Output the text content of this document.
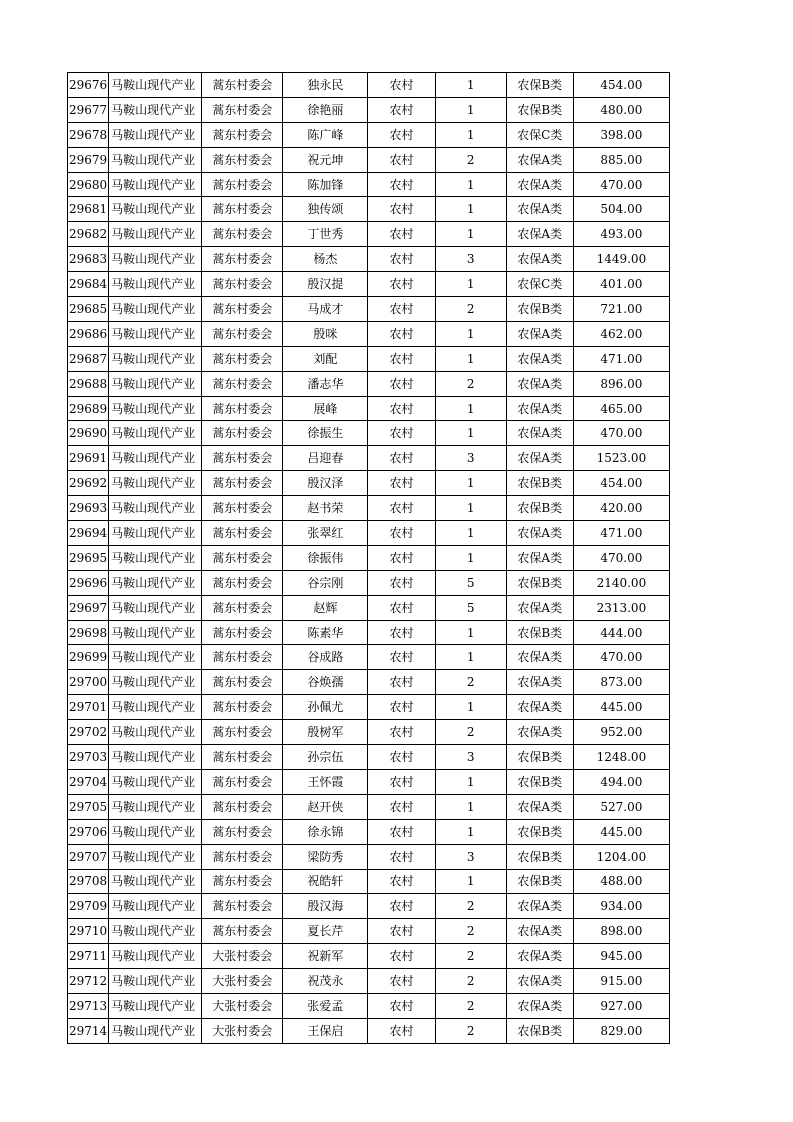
29676	马鞍山现代产业	蒿东村委会	独永民	农村	1	农保B类	454.00
29677	马鞍山现代产业	蒿东村委会	徐艳丽	农村	1	农保B类	480.00
29678	马鞍山现代产业	蒿东村委会	陈广峰	农村	1	农保C类	398.00
29679	马鞍山现代产业	蒿东村委会	祝元坤	农村	2	农保A类	885.00
29680	马鞍山现代产业	蒿东村委会	陈加锋	农村	1	农保A类	470.00
29681	马鞍山现代产业	蒿东村委会	独传颂	农村	1	农保A类	504.00
29682	马鞍山现代产业	蒿东村委会	丁世秀	农村	1	农保A类	493.00
29683	马鞍山现代产业	蒿东村委会	杨杰	农村	3	农保A类	1449.00
29684	马鞍山现代产业	蒿东村委会	殷汉提	农村	1	农保C类	401.00
29685	马鞍山现代产业	蒿东村委会	马成才	农村	2	农保B类	721.00
29686	马鞍山现代产业	蒿东村委会	殷咪	农村	1	农保A类	462.00
29687	马鞍山现代产业	蒿东村委会	刘配	农村	1	农保A类	471.00
29688	马鞍山现代产业	蒿东村委会	潘志华	农村	2	农保A类	896.00
29689	马鞍山现代产业	蒿东村委会	展峰	农村	1	农保A类	465.00
29690	马鞍山现代产业	蒿东村委会	徐振生	农村	1	农保A类	470.00
29691	马鞍山现代产业	蒿东村委会	吕迎春	农村	3	农保A类	1523.00
29692	马鞍山现代产业	蒿东村委会	殷汉泽	农村	1	农保B类	454.00
29693	马鞍山现代产业	蒿东村委会	赵书荣	农村	1	农保B类	420.00
29694	马鞍山现代产业	蒿东村委会	张翠红	农村	1	农保A类	471.00
29695	马鞍山现代产业	蒿东村委会	徐振伟	农村	1	农保A类	470.00
29696	马鞍山现代产业	蒿东村委会	谷宗刚	农村	5	农保B类	2140.00
29697	马鞍山现代产业	蒿东村委会	赵辉	农村	5	农保A类	2313.00
29698	马鞍山现代产业	蒿东村委会	陈素华	农村	1	农保B类	444.00
29699	马鞍山现代产业	蒿东村委会	谷成路	农村	1	农保A类	470.00
29700	马鞍山现代产业	蒿东村委会	谷焕孺	农村	2	农保A类	873.00
29701	马鞍山现代产业	蒿东村委会	孙佩尤	农村	1	农保A类	445.00
29702	马鞍山现代产业	蒿东村委会	殷树军	农村	2	农保A类	952.00
29703	马鞍山现代产业	蒿东村委会	孙宗伍	农村	3	农保B类	1248.00
29704	马鞍山现代产业	蒿东村委会	王怀霞	农村	1	农保B类	494.00
29705	马鞍山现代产业	蒿东村委会	赵开侠	农村	1	农保A类	527.00
29706	马鞍山现代产业	蒿东村委会	徐永锦	农村	1	农保B类	445.00
29707	马鞍山现代产业	蒿东村委会	梁防秀	农村	3	农保B类	1204.00
29708	马鞍山现代产业	蒿东村委会	祝皓轩	农村	1	农保B类	488.00
29709	马鞍山现代产业	蒿东村委会	殷汉海	农村	2	农保A类	934.00
29710	马鞍山现代产业	蒿东村委会	夏长芹	农村	2	农保A类	898.00
29711	马鞍山现代产业	大张村委会	祝新军	农村	2	农保A类	945.00
29712	马鞍山现代产业	大张村委会	祝茂永	农村	2	农保A类	915.00
29713	马鞍山现代产业	大张村委会	张爱孟	农村	2	农保A类	927.00
29714	马鞍山现代产业	大张村委会	王保启	农村	2	农保B类	829.00
